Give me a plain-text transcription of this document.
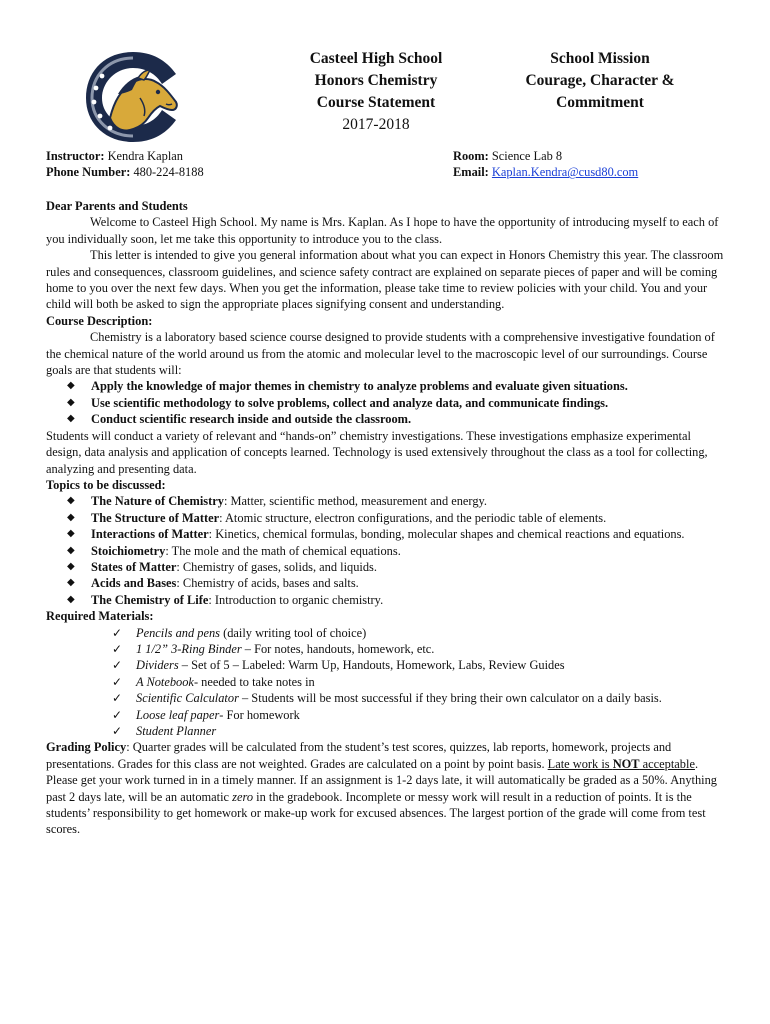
Casteel High School
Honors Chemistry
Course Statement
2017-2018
School Mission
Courage, Character &
Commitment
Instructor: Kendra Kaplan
Phone Number: 480-224-8188
Room: Science Lab 8
Email: Kaplan.Kendra@cusd80.com

Dear Parents and Students

Welcome to Casteel High School. My name is Mrs. Kaplan. As I hope to have the opportunity of introducing myself to each of you individually soon, let me take this opportunity to introduce you to the class.

This letter is intended to give you general information about what you can expect in Honors Chemistry this year. The classroom rules and consequences, classroom guidelines, and science safety contract are explained on separate pieces of paper and will be coming home to you over the next few days. When you get the information, please take time to review policies with your child. You and your child will both be asked to sign the appropriate places signifying consent and understanding.

Course Description:

Chemistry is a laboratory based science course designed to provide students with a comprehensive investigative foundation of the chemical nature of the world around us from the atomic and molecular level to the macroscopic level of our surroundings. Course goals are that students will:

◆ Apply the knowledge of major themes in chemistry to analyze problems and evaluate given situations.
◆ Use scientific methodology to solve problems, collect and analyze data, and communicate findings.
◆ Conduct scientific research inside and outside the classroom.

Students will conduct a variety of relevant and “hands-on” chemistry investigations. These investigations emphasize experimental design, data analysis and application of concepts learned. Technology is used extensively throughout the class as a tool for collecting, analyzing and presenting data.

Topics to be discussed:

◆ The Nature of Chemistry: Matter, scientific method, measurement and energy.
◆ The Structure of Matter: Atomic structure, electron configurations, and the periodic table of elements.
◆ Interactions of Matter: Kinetics, chemical formulas, bonding, molecular shapes and chemical reactions and equations.
◆ Stoichiometry: The mole and the math of chemical equations.
◆ States of Matter: Chemistry of gases, solids, and liquids.
◆ Acids and Bases: Chemistry of acids, bases and salts.
◆ The Chemistry of Life: Introduction to organic chemistry.

Required Materials:

✓ Pencils and pens (daily writing tool of choice)
✓ 1 1/2” 3-Ring Binder – For notes, handouts, homework, etc.
✓ Dividers – Set of 5 – Labeled: Warm Up, Handouts, Homework, Labs, Review Guides
✓ A Notebook- needed to take notes in
✓ Scientific Calculator – Students will be most successful if they bring their own calculator on a daily basis.
✓ Loose leaf paper- For homework
✓ Student Planner

Grading Policy: Quarter grades will be calculated from the student’s test scores, quizzes, lab reports, homework, projects and presentations. Grades for this class are not weighted. Grades are calculated on a point by point basis. Late work is NOT acceptable. Please get your work turned in in a timely manner. If an assignment is 1-2 days late, it will automatically be graded as a 50%. Anything past 2 days late, will be an automatic zero in the gradebook. Incomplete or messy work will result in a reduction of points. It is the students’ responsibility to get homework or make-up work for excused absences. The largest portion of the grade will come from test scores.
